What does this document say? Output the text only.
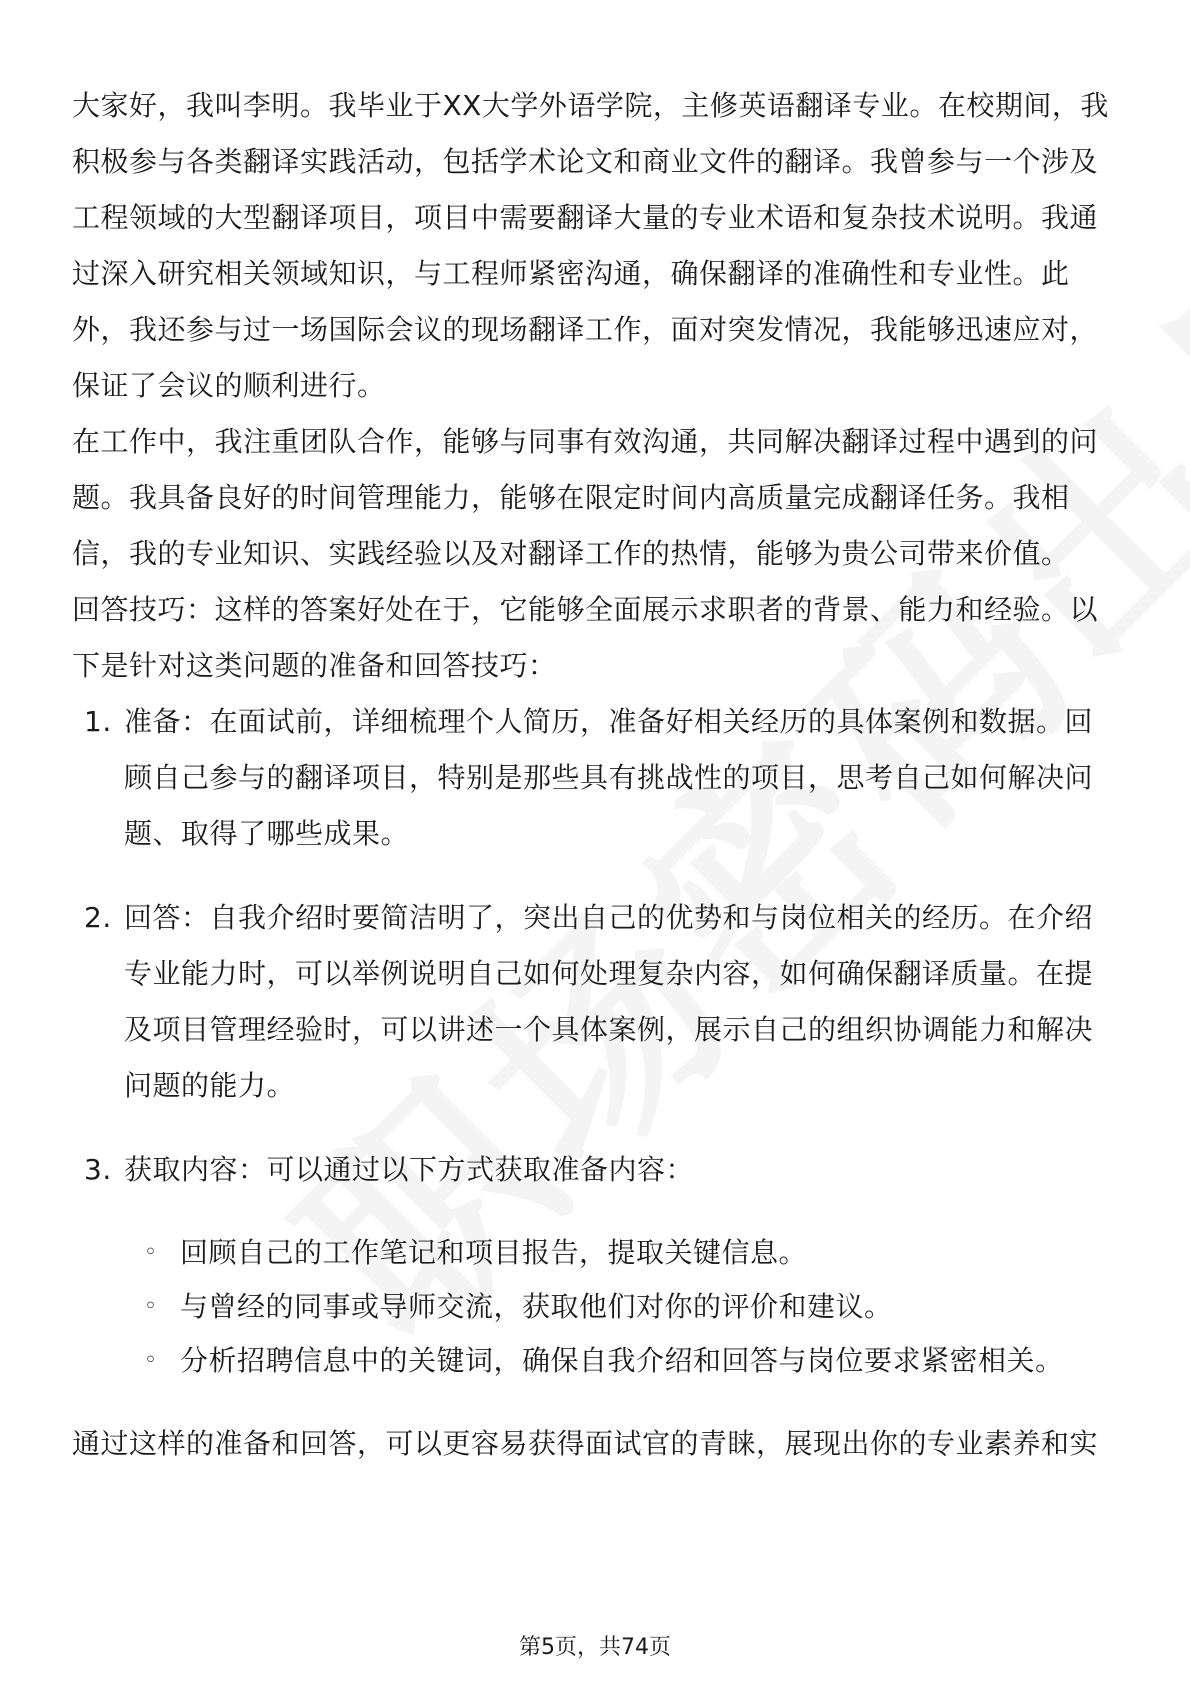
大家好，我叫李明。我毕业于XX大学外语学院，主修英语翻译专业。在校期间，我积极参与各类翻译实践活动，包括学术论文和商业文件的翻译。我曾参与一个涉及工程领域的大型翻译项目，项目中需要翻译大量的专业术语和复杂技术说明。我通过深入研究相关领域知识，与工程师紧密沟通，确保翻译的准确性和专业性。此外，我还参与过一场国际会议的现场翻译工作，面对突发情况，我能够迅速应对，保证了会议的顺利进行。

在工作中，我注重团队合作，能够与同事有效沟通，共同解决翻译过程中遇到的问题。我具备良好的时间管理能力，能够在限定时间内高质量完成翻译任务。我相信，我的专业知识、实践经验以及对翻译工作的热情，能够为贵公司带来价值。

回答技巧：这样的答案好处在于，它能够全面展示求职者的背景、能力和经验。以下是针对这类问题的准备和回答技巧：

1. 准备：在面试前，详细梳理个人简历，准备好相关经历的具体案例和数据。回顾自己参与的翻译项目，特别是那些具有挑战性的项目，思考自己如何解决问题、取得了哪些成果。
2. 回答：自我介绍时要简洁明了，突出自己的优势和与岗位相关的经历。在介绍专业能力时，可以举例说明自己如何处理复杂内容，如何确保翻译质量。在提及项目管理经验时，可以讲述一个具体案例，展示自己的组织协调能力和解决问题的能力。
3. 获取内容：可以通过以下方式获取准备内容：
◦ 回顾自己的工作笔记和项目报告，提取关键信息。
◦ 与曾经的同事或导师交流，获取他们对你的评价和建议。
◦ 分析招聘信息中的关键词，确保自我介绍和回答与岗位要求紧密相关。

通过这样的准备和回答，可以更容易获得面试官的青睐，展现出你的专业素养和实

第5页，共74页
